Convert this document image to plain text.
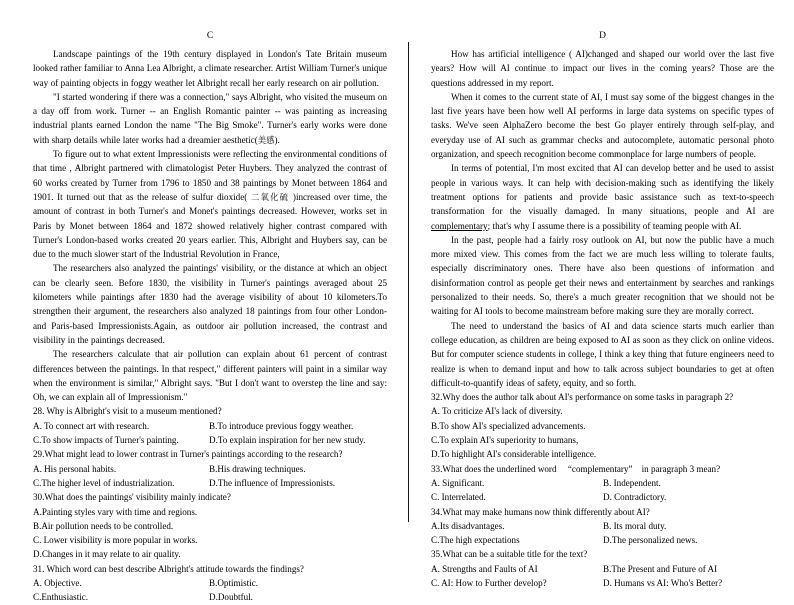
C

Landscape paintings of the 19th century displayed in London's Tate Britain museum looked rather familiar to Anna Lea Albright, a climate researcher. Artist William Turner's unique way of painting objects in foggy weather let Albright recall her early research on air pollution.

"I started wondering if there was a connection," says Albright, who visited the museum on a day off from work. Turner -- an English Romantic painter -- was painting as increasing industrial plants earned London the name "The Big Smoke". Turner's early works were done with sharp details while later works had a dreamier aesthetic(美感).

To figure out to what extent Impressionists were reflecting the environmental conditions of that time , Albright partnered with climatologist Peter Huybers. They analyzed the contrast of 60 works created by Turner from 1796 to 1850 and 38 paintings by Monet between 1864 and 1901. It turned out that as the release of sulfur dioxide( 二氧化硫 )increased over time, the amount of contrast in both Turner's and Monet's paintings decreased. However, works set in Paris by Monet between 1864 and 1872 showed relatively higher contrast compared with Turner's London-based works created 20 years earlier. This, Albright and Huybers say, can be due to the much slower start of the Industrial Revolution in France,

The researchers also analyzed the paintings' visibility, or the distance at which an object can be clearly seen. Before 1830, the visibility in Turner's paintings averaged about 25 kilometers while paintings after 1830 had the average visibility of about 10 kilometers.To strengthen their argument, the researchers also analyzed 18 paintings from four other London- and Paris-based Impressionists.Again, as outdoor air pollution increased, the contrast and visibility in the paintings decreased.

The researchers calculate that air pollution can explain about 61 percent of contrast differences between the paintings. In that respect," different painters will paint in a similar way when the environment is similar," Albright says. "But I don't want to overstep the line and say: Oh, we can explain all of Impressionism."

28. Why is Albright's visit to a museum mentioned?

A. To connect art with research.	B.To introduce previous foggy weather.
C.To show impacts of Turner's painting.	D.To explain inspiration for her new study.

29.What might lead to lower contrast in Turner's paintings according to the research?

A. His personal habits.	B.His drawing techniques.
C.The higher level of industrialization.	D.The influence of Impressionists.

30.What does the paintings' visibility mainly indicate?

A.Painting styles vary with time and regions.

B.Air pollution needs to be controlled.

C. Lower visibility is more popular in works.

D.Changes in it may relate to air quality.

31. Which word can best describe Albright's attitude towards the findings?

A. Objective.	B.Optimistic.
C.Enthusiastic.	D.Doubtful.
D

How has artificial intelligence ( AI)changed and shaped our world over the last five years? How will AI continue to impact our lives in the coming years? Those are the questions addressed in my report.

When it comes to the current state of AI, I must say some of the biggest changes in the last five years have been how well AI performs in large data systems on specific types of tasks. We've seen AlphaZero become the best Go player entirely through self-play, and everyday use of AI such as grammar checks and autocomplete, automatic personal photo organization, and speech recognition become commonplace for large numbers of people.

In terms of potential, I'm most excited that AI can develop better and be used to assist people in various ways. It can help with decision-making such as identifying the likely treatment options for patients and provide basic assistance such as text-to-speech transformation for the visually damaged. In many situations, people and AI are complementary; that's why I assume there is a possibility of teaming people with AI.

In the past, people had a fairly rosy outlook on AI, but now the public have a much more mixed view. This comes from the fact we are much less willing to tolerate faults, especially discriminatory ones. There have also been questions of information and disinformation control as people get their news and entertainment by searches and rankings personalized to their needs. So, there's a much greater recognition that we should not be waiting for AI tools to become mainstream before making sure they are morally correct.

The need to understand the basics of AI and data science starts much earlier than college education, as children are being exposed to AI as soon as they click on online videos. But for computer science students in college, I think a key thing that future engineers need to realize is when to demand input and how to talk across subject boundaries to get at often difficult-to-quantify ideas of safety, equity, and so forth.

32.Why does the author talk about AI's performance on some tasks in paragraph 2?

A. To criticize AI's lack of diversity.

B.To show AI's specialized advancements.

C.To explain AI's superiority to humans,

D.To highlight AI's considerable intelligence.

33.What does the underlined word  “complementary” in paragraph 3 mean?

A. Significant.	B. Independent.
C. Interrelated.	D. Contradictory.

34.What may make humans now think differently about AI?

A.Its disadvantages.	B. Its moral duty.
C.The high expectations	D.The personalized news.

35.What can be a suitable title for the text?

A. Strengths and Faults of AI	B.The Present and Future of AI
C. AI: How to Further develop?	D. Humans vs AI: Who's Better?
